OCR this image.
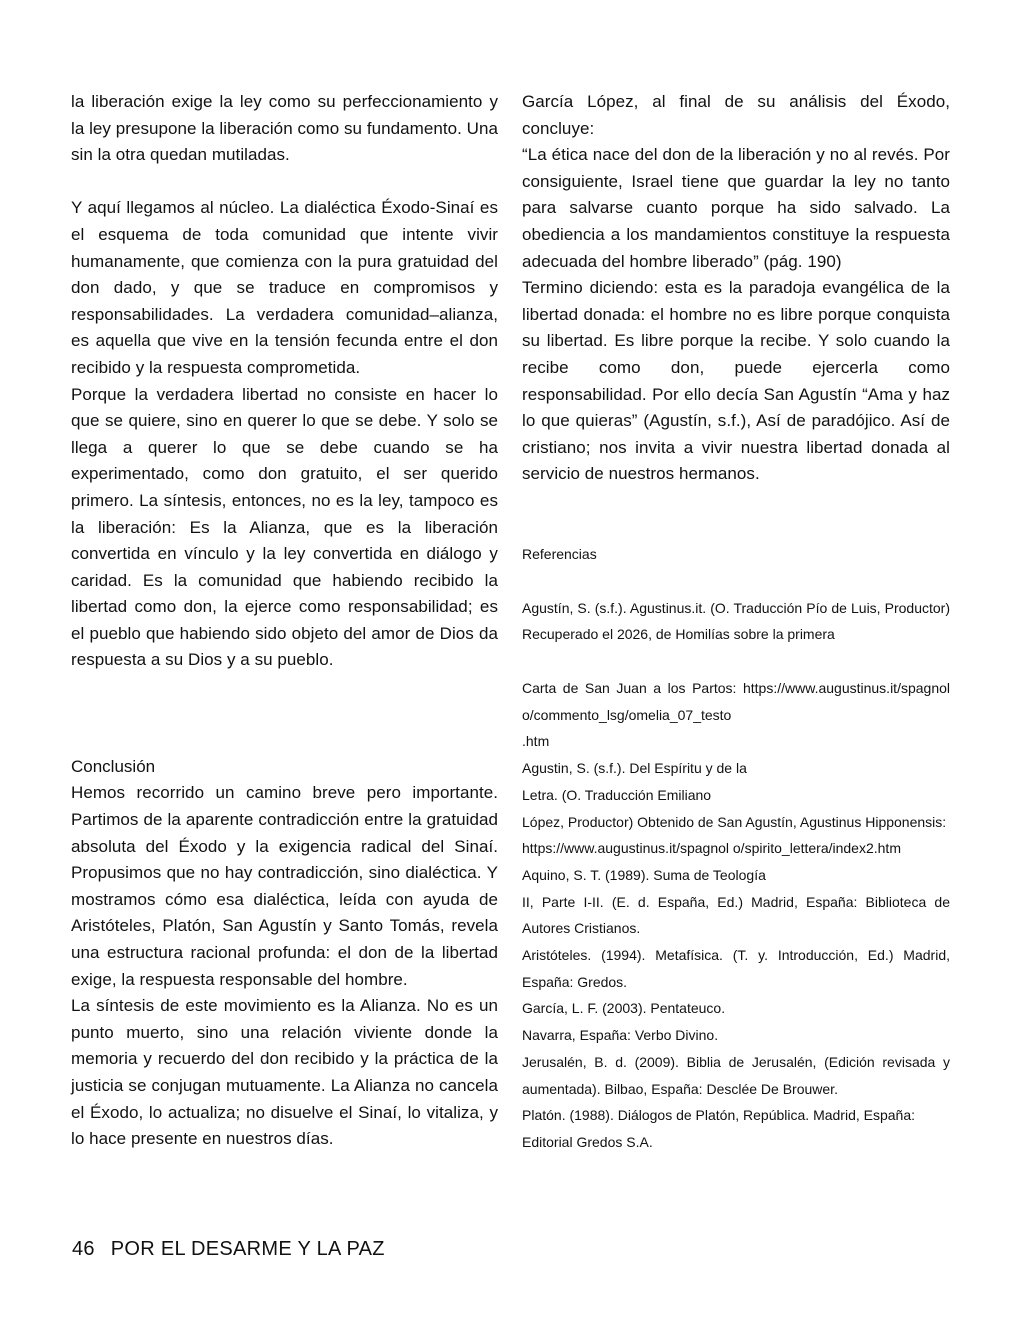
la liberación exige la ley como su perfeccionamiento y la ley presupone la liberación como su fundamento. Una sin la otra quedan mutiladas.

Y aquí llegamos al núcleo. La dialéctica Éxodo-Sinaí es el esquema de toda comunidad que intente vivir humanamente, que comienza con la pura gratuidad del don dado, y que se traduce en compromisos y responsabilidades. La verdadera comunidad–alianza, es aquella que vive en la tensión fecunda entre el don recibido y la respuesta comprometida.

Porque la verdadera libertad no consiste en hacer lo que se quiere, sino en querer lo que se debe. Y solo se llega a querer lo que se debe cuando se ha experimentado, como don gratuito, el ser querido primero. La síntesis, entonces, no es la ley, tampoco es la liberación: Es la Alianza, que es la liberación convertida en vínculo y la ley convertida en diálogo y caridad. Es la comunidad que habiendo recibido la libertad como don, la ejerce como responsabilidad; es el pueblo que habiendo sido objeto del amor de Dios da respuesta a su Dios y a su pueblo.

Conclusión

Hemos recorrido un camino breve pero importante. Partimos de la aparente contradicción entre la gratuidad absoluta del Éxodo y la exigencia radical del Sinaí. Propusimos que no hay contradicción, sino dialéctica. Y mostramos cómo esa dialéctica, leída con ayuda de Aristóteles, Platón, San Agustín y Santo Tomás, revela una estructura racional profunda: el don de la libertad exige, la respuesta responsable del hombre.

La síntesis de este movimiento es la Alianza. No es un punto muerto, sino una relación viviente donde la memoria y recuerdo del don recibido y la práctica de la justicia se conjugan mutuamente. La Alianza no cancela el Éxodo, lo actualiza; no disuelve el Sinaí, lo vitaliza, y lo hace presente en nuestros días.

García López, al final de su análisis del Éxodo, concluye:

“La ética nace del don de la liberación y no al revés. Por consiguiente, Israel tiene que guardar la ley no tanto para salvarse cuanto porque ha sido salvado. La obediencia a los mandamientos constituye la respuesta adecuada del hombre liberado” (pág. 190)

Termino diciendo: esta es la paradoja evangélica de la libertad donada: el hombre no es libre porque conquista su libertad. Es libre porque la recibe. Y solo cuando la recibe como don, puede ejercerla como responsabilidad. Por ello decía San Agustín “Ama y haz lo que quieras” (Agustín, s.f.), Así de paradójico. Así de cristiano; nos invita a vivir nuestra libertad donada al servicio de nuestros hermanos.

Referencias

Agustín, S. (s.f.). Agustinus.it. (O. Traducción Pío de Luis, Productor) Recuperado el 2026, de Homilías sobre la primera

Carta de San Juan a los Partos: https://www.augustinus.it/spagnol o/commento_lsg/omelia_07_testo

.htm

Agustin, S. (s.f.). Del Espíritu y de la

Letra. (O. Traducción Emiliano

López, Productor) Obtenido de San Agustín, Agustinus Hipponensis:

https://www.augustinus.it/spagnol o/spirito_lettera/index2.htm

Aquino, S. T. (1989). Suma de Teología

II, Parte I-II. (E. d. España, Ed.) Madrid, España: Biblioteca de Autores Cristianos.

Aristóteles. (1994). Metafísica. (T. y. Introducción, Ed.) Madrid, España: Gredos.

García, L. F. (2003). Pentateuco.

Navarra, España: Verbo Divino.

Jerusalén, B. d. (2009). Biblia de Jerusalén, (Edición revisada y aumentada). Bilbao, España: Desclée De Brouwer.

Platón. (1988). Diálogos de Platón, República. Madrid, España:

Editorial Gredos S.A.

46 POR EL DESARME Y LA PAZ
